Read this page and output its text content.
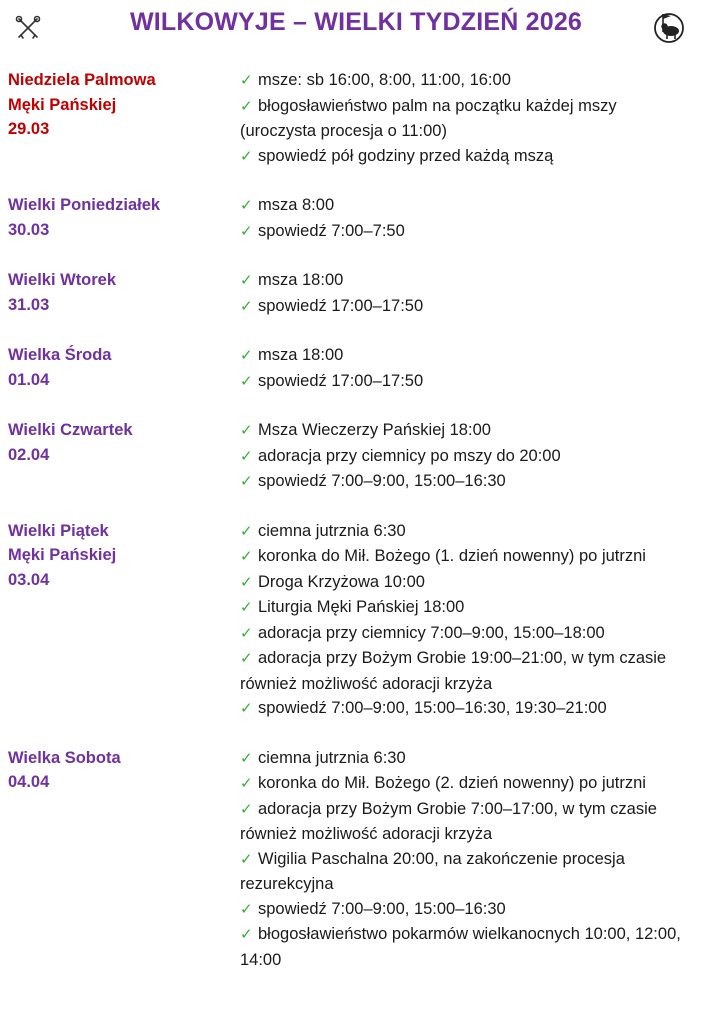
WILKOWYJE – WIELKI TYDZIEŃ 2026
Niedziela Palmowa
Męki Pańskiej
29.03
✓ msze: sb 16:00, 8:00, 11:00, 16:00
✓ błogosławieństwo palm na początku każdej mszy (uroczysta procesja o 11:00)
✓ spowiedź pół godziny przed każdą mszą
Wielki Poniedziałek
30.03
✓ msza 8:00
✓ spowiedź 7:00–7:50
Wielki Wtorek
31.03
✓ msza 18:00
✓ spowiedź 17:00–17:50
Wielka Środa
01.04
✓ msza 18:00
✓ spowiedź 17:00–17:50
Wielki Czwartek
02.04
✓ Msza Wieczerzy Pańskiej 18:00
✓ adoracja przy ciemnicy po mszy do 20:00
✓ spowiedź 7:00–9:00, 15:00–16:30
Wielki Piątek
Męki Pańskiej
03.04
✓ ciemna jutrznia 6:30
✓ koronka do Mił. Bożego (1. dzień nowenny) po jutrzni
✓ Droga Krzyżowa 10:00
✓ Liturgia Męki Pańskiej 18:00
✓ adoracja przy ciemnicy 7:00–9:00, 15:00–18:00
✓ adoracja przy Bożym Grobie 19:00–21:00, w tym czasie również możliwość adoracji krzyża
✓ spowiedź 7:00–9:00, 15:00–16:30, 19:30–21:00
Wielka Sobota
04.04
✓ ciemna jutrznia 6:30
✓ koronka do Mił. Bożego (2. dzień nowenny) po jutrzni
✓ adoracja przy Bożym Grobie 7:00–17:00, w tym czasie również możliwość adoracji krzyża
✓ Wigilia Paschalna 20:00, na zakończenie procesja rezurekcyjna
✓ spowiedź 7:00–9:00, 15:00–16:30
✓ błogosławieństwo pokarmów wielkanocnych 10:00, 12:00, 14:00
